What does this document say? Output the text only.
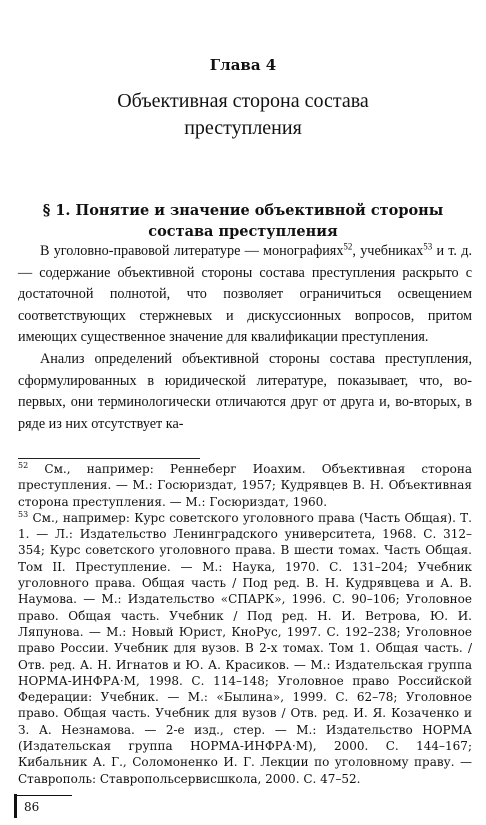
Глава 4
Объективная сторона состава
преступления
§ 1. Понятие и значение объективной стороны
состава преступления

В уголовно-правовой литературе — монографиях$^{52}$, учебниках$^{53}$ и т. д. — содержание объективной стороны состава преступления раскрыто с достаточной полнотой, что позволяет ограничиться освещением соответствующих стержневых и дискуссионных вопросов, притом имеющих существенное значение для квалификации преступления.

Анализ определений объективной стороны состава преступления, сформулированных в юридической литературе, показывает, что, во-первых, они терминологически отличаются друг от друга и, во-вторых, в ряде из них отсутствует ка-

$^{52}$ См., например: Реннеберг Иоахим. Объективная сторона преступления. — М.: Госюриздат, 1957; Кудрявцев В. Н. Объективная сторона преступления. — М.: Госюриздат, 1960.

$^{53}$ См., например: Курс советского уголовного права (Часть Общая). Т. 1. — Л.: Издательство Ленинградского университета, 1968. С. 312–354; Курс советского уголовного права. В шести томах. Часть Общая. Том II. Преступление. — М.: Наука, 1970. С. 131–204; Учебник уголовного права. Общая часть / Под ред. В. Н. Кудрявцева и А. В. Наумова. — М.: Издательство «СПАРК», 1996. С. 90–106; Уголовное право. Общая часть. Учебник / Под ред. Н. И. Ветрова, Ю. И. Ляпунова. — М.: Новый Юрист, КноРус, 1997. С. 192–238; Уголовное право России. Учебник для вузов. В 2-х томах. Том 1. Общая часть. / Отв. ред. А. Н. Игнатов и Ю. А. Красиков. — М.: Издательская группа НОРМА-ИНФРА·М, 1998. С. 114–148; Уголовное право Российской Федерации: Учебник. — М.: «Былина», 1999. С. 62–78; Уголовное право. Общая часть. Учебник для вузов / Отв. ред. И. Я. Козаченко и З. А. Незнамова. — 2-е изд., стер. — М.: Издательство НОРМА (Издательская группа НОРМА-ИНФРА·М), 2000. С. 144–167; Кибальник А. Г., Соломоненко И. Г. Лекции по уголовному праву. — Ставрополь: Ставропольсервисшкола, 2000. С. 47–52.

86
